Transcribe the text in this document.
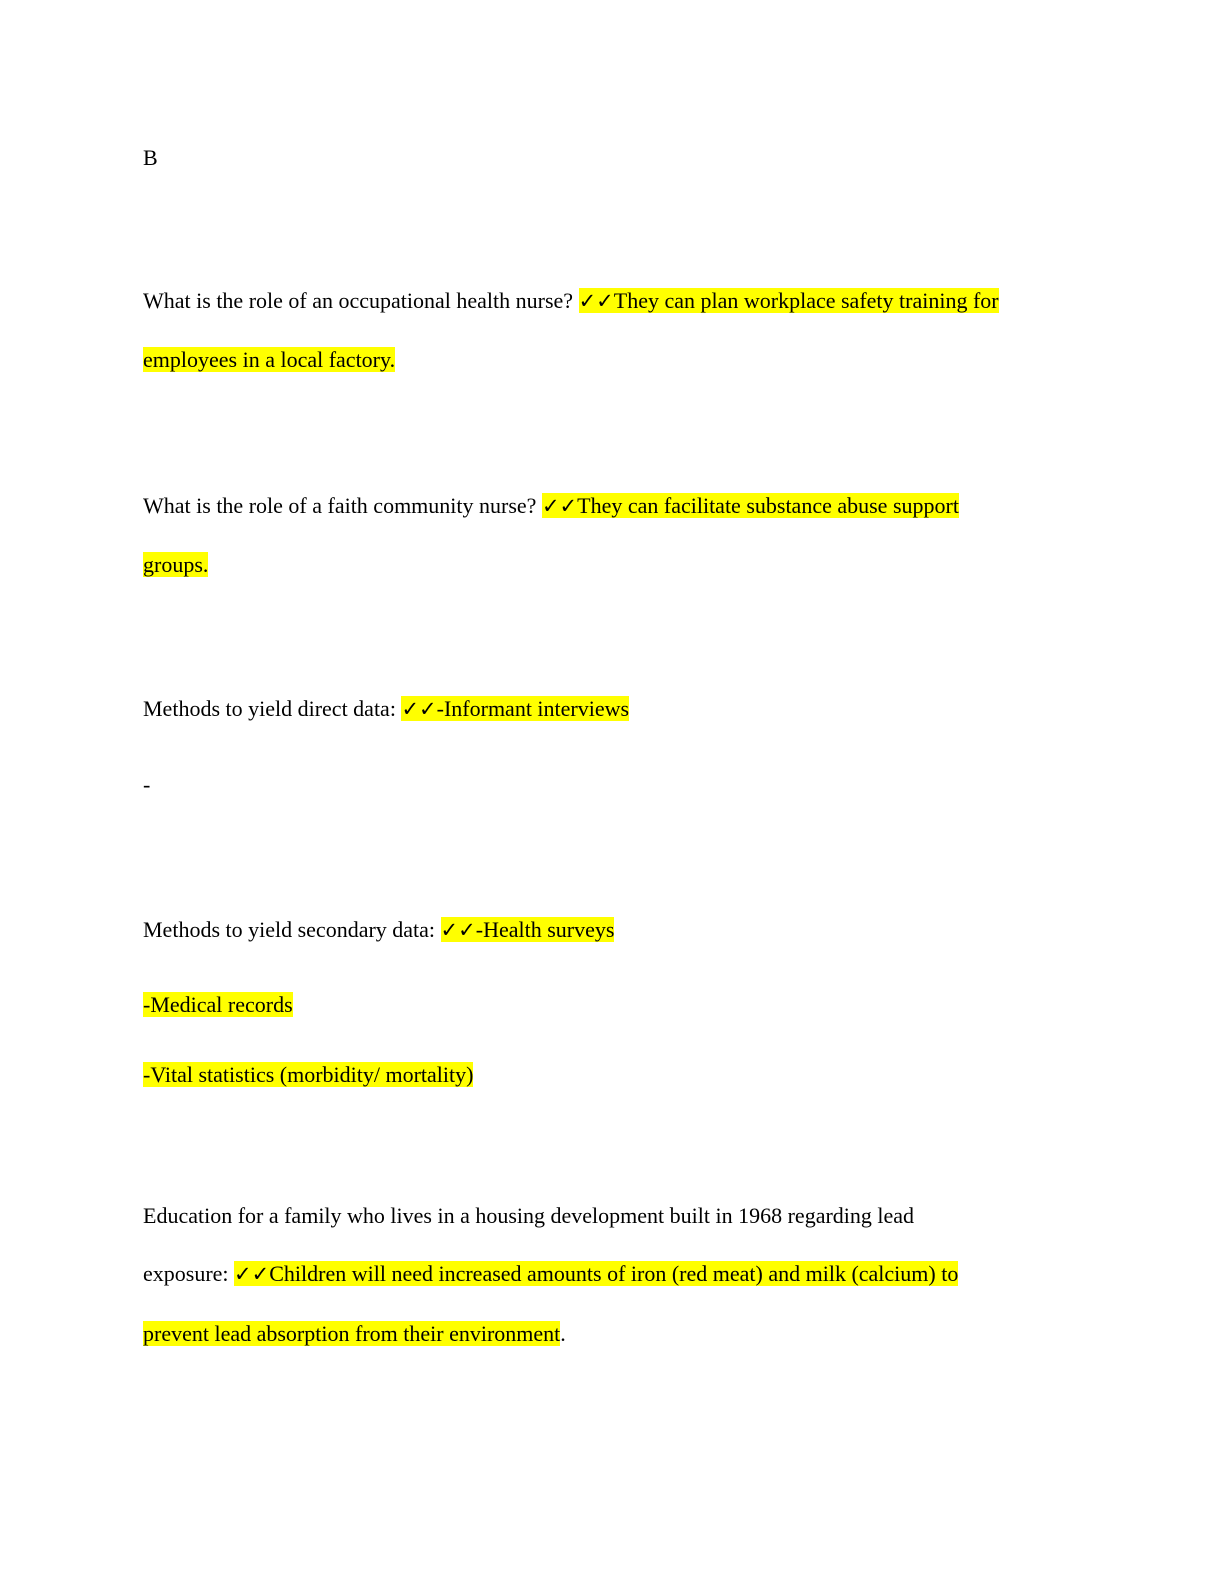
B
What is the role of an occupational health nurse? ✓✓They can plan workplace safety training for
employees in a local factory.
What is the role of a faith community nurse? ✓✓They can facilitate substance abuse support
groups.
Methods to yield direct data: ✓✓-Informant interviews
-
Methods to yield secondary data: ✓✓-Health surveys
-Medical records
-Vital statistics (morbidity/ mortality)
Education for a family who lives in a housing development built in 1968 regarding lead
exposure: ✓✓Children will need increased amounts of iron (red meat) and milk (calcium) to
prevent lead absorption from their environment.
